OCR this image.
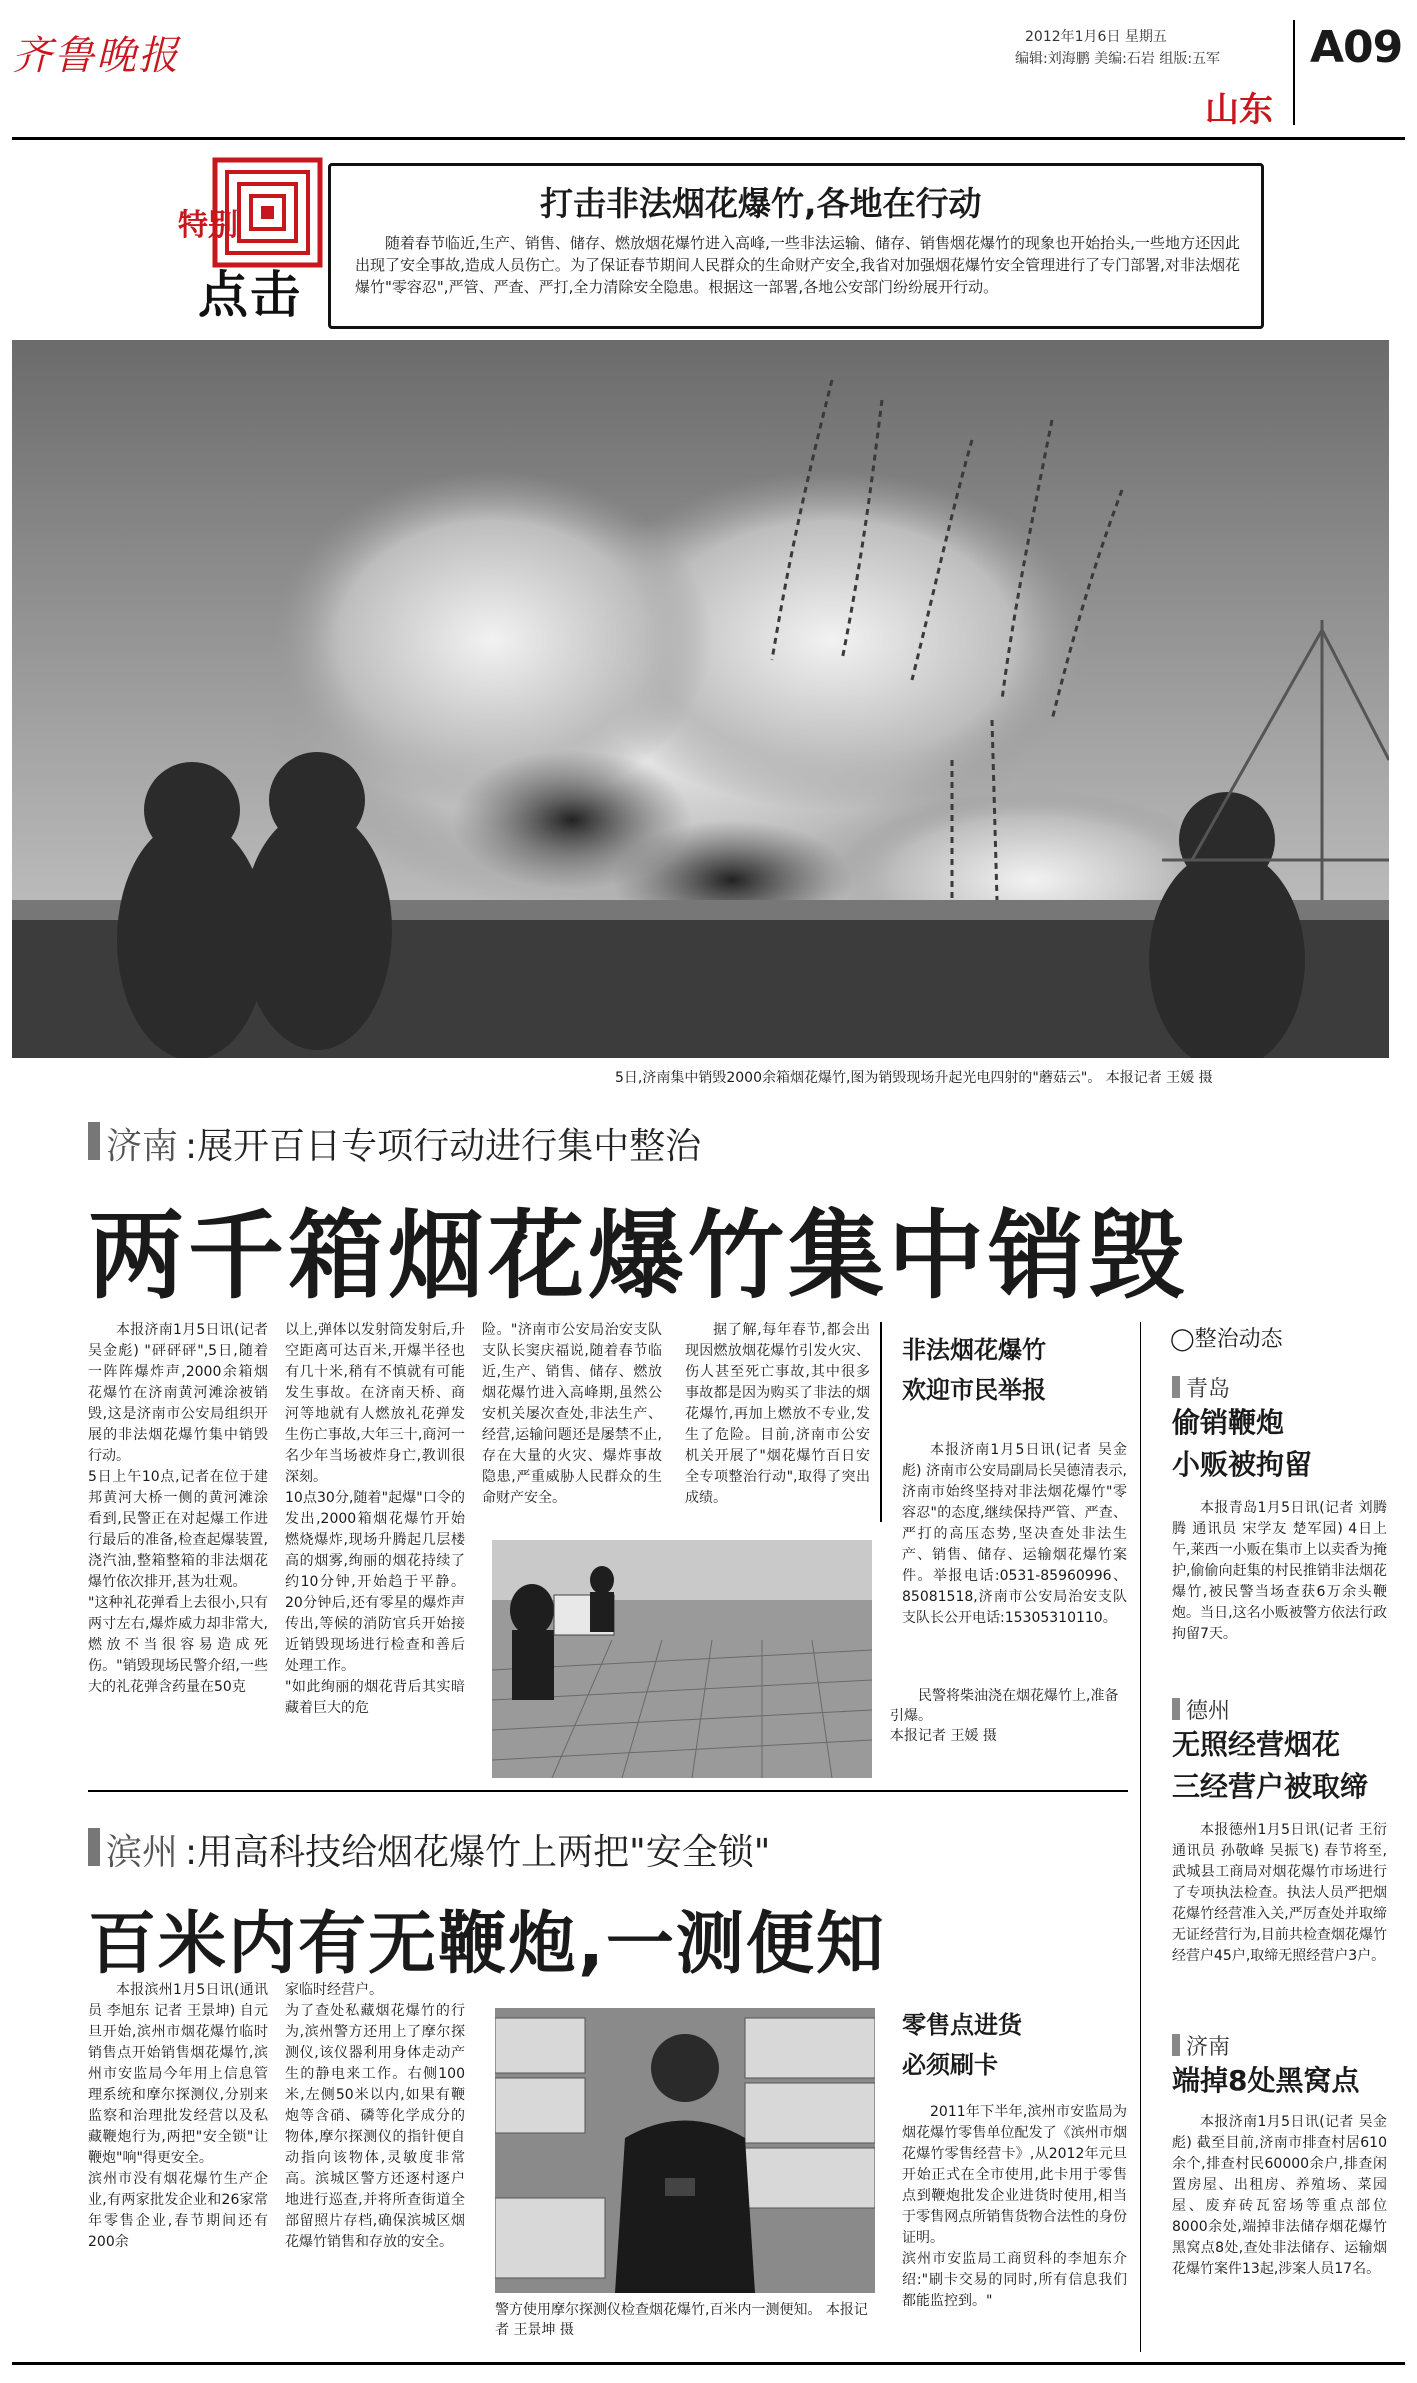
齐鲁晚报	2012年1月6日 星期五
编辑:刘海鹏 美编:石岩 组版:五军 A09
山东
特别
点击
打击非法烟花爆竹,各地在行动
随着春节临近,生产、销售、储存、燃放烟花爆竹进入高峰,一些非法运输、储存、销售烟花爆竹的现象也开始抬头,一些地方还因此出现了安全事故,造成人员伤亡。为了保证春节期间人民群众的生命财产安全,我省对加强烟花爆竹安全管理进行了专门部署,对非法烟花爆竹"零容忍",严管、严查、严打,全力清除安全隐患。根据这一部署,各地公安部门纷纷展开行动。
5日,济南集中销毁2000余箱烟花爆竹,图为销毁现场升起光电四射的"蘑菇云"。 本报记者 王媛 摄
济南 :展开百日专项行动进行集中整治
两千箱烟花爆竹集中销毁
本报济南1月5日讯(记者 吴金彪) "砰砰砰",5日,随着一阵阵爆炸声,2000余箱烟花爆竹在济南黄河滩涂被销毁,这是济南市公安局组织开展的非法烟花爆竹集中销毁行动。
5日上午10点,记者在位于建邦黄河大桥一侧的黄河滩涂看到,民警正在对起爆工作进行最后的准备,检查起爆装置,浇汽油,整箱整箱的非法烟花爆竹依次排开,甚为壮观。
"这种礼花弹看上去很小,只有两寸左右,爆炸威力却非常大,燃放不当很容易造成死伤。"销毁现场民警介绍,一些大的礼花弹含药量在50克
以上,弹体以发射筒发射后,升空距离可达百米,开爆半径也有几十米,稍有不慎就有可能发生事故。在济南天桥、商河等地就有人燃放礼花弹发生伤亡事故,大年三十,商河一名少年当场被炸身亡,教训很深刻。
10点30分,随着"起爆"口令的发出,2000箱烟花爆竹开始燃烧爆炸,现场升腾起几层楼高的烟雾,绚丽的烟花持续了约10分钟,开始趋于平静。20分钟后,还有零星的爆炸声传出,等候的消防官兵开始接近销毁现场进行检查和善后处理工作。
"如此绚丽的烟花背后其实暗藏着巨大的危
险。"济南市公安局治安支队支队长窦庆福说,随着春节临近,生产、销售、储存、燃放烟花爆竹进入高峰期,虽然公安机关屡次查处,非法生产、经营,运输问题还是屡禁不止,存在大量的火灾、爆炸事故隐患,严重威胁人民群众的生命财产安全。
据了解,每年春节,都会出现因燃放烟花爆竹引发火灾、伤人甚至死亡事故,其中很多事故都是因为购买了非法的烟花爆竹,再加上燃放不专业,发生了危险。目前,济南市公安机关开展了"烟花爆竹百日安全专项整治行动",取得了突出成绩。
非法烟花爆竹
欢迎市民举报
本报济南1月5日讯(记者 吴金彪) 济南市公安局副局长吴德清表示,济南市始终坚持对非法烟花爆竹"零容忍"的态度,继续保持严管、严查、严打的高压态势,坚决查处非法生产、销售、储存、运输烟花爆竹案件。举报电话:0531-85960996、85081518,济南市公安局治安支队支队长公开电话:15305310110。
民警将柴油浇在烟花爆竹上,准备引爆。
本报记者 王媛 摄
滨州 :用高科技给烟花爆竹上两把"安全锁"
百米内有无鞭炮,一测便知
本报滨州1月5日讯(通讯员 李旭东 记者 王景坤) 自元旦开始,滨州市烟花爆竹临时销售点开始销售烟花爆竹,滨州市安监局今年用上信息管理系统和摩尔探测仪,分别来监察和治理批发经营以及私藏鞭炮行为,两把"安全锁"让鞭炮"响"得更安全。
滨州市没有烟花爆竹生产企业,有两家批发企业和26家常年零售企业,春节期间还有200余
家临时经营户。
为了查处私藏烟花爆竹的行为,滨州警方还用上了摩尔探测仪,该仪器利用身体走动产生的静电来工作。右侧100米,左侧50米以内,如果有鞭炮等含硝、磷等化学成分的物体,摩尔探测仪的指针便自动指向该物体,灵敏度非常高。滨城区警方还逐村逐户地进行巡查,并将所查街道全部留照片存档,确保滨城区烟花爆竹销售和存放的安全。
警方使用摩尔探测仪检查烟花爆竹,百米内一测便知。 本报记者 王景坤 摄
零售点进货
必须刷卡
2011年下半年,滨州市安监局为烟花爆竹零售单位配发了《滨州市烟花爆竹零售经营卡》,从2012年元旦开始正式在全市使用,此卡用于零售点到鞭炮批发企业进货时使用,相当于零售网点所销售货物合法性的身份证明。
滨州市安监局工商贸科的李旭东介绍:"刷卡交易的同时,所有信息我们都能监控到。"
◯整治动态
青岛
偷销鞭炮
小贩被拘留
本报青岛1月5日讯(记者 刘腾腾 通讯员 宋学友 楚军园) 4日上午,莱西一小贩在集市上以卖香为掩护,偷偷向赶集的村民推销非法烟花爆竹,被民警当场查获6万余头鞭炮。当日,这名小贩被警方依法行政拘留7天。
德州
无照经营烟花
三经营户被取缔
本报德州1月5日讯(记者 王衍 通讯员 孙敬峰 吴振飞) 春节将至,武城县工商局对烟花爆竹市场进行了专项执法检查。执法人员严把烟花爆竹经营准入关,严厉查处并取缔无证经营行为,目前共检查烟花爆竹经营户45户,取缔无照经营户3户。
济南
端掉8处黑窝点
本报济南1月5日讯(记者 吴金彪) 截至目前,济南市排查村居610余个,排查村民60000余户,排查闲置房屋、出租房、养殖场、菜园屋、废弃砖瓦窑场等重点部位8000余处,端掉非法储存烟花爆竹黑窝点8处,查处非法储存、运输烟花爆竹案件13起,涉案人员17名。
